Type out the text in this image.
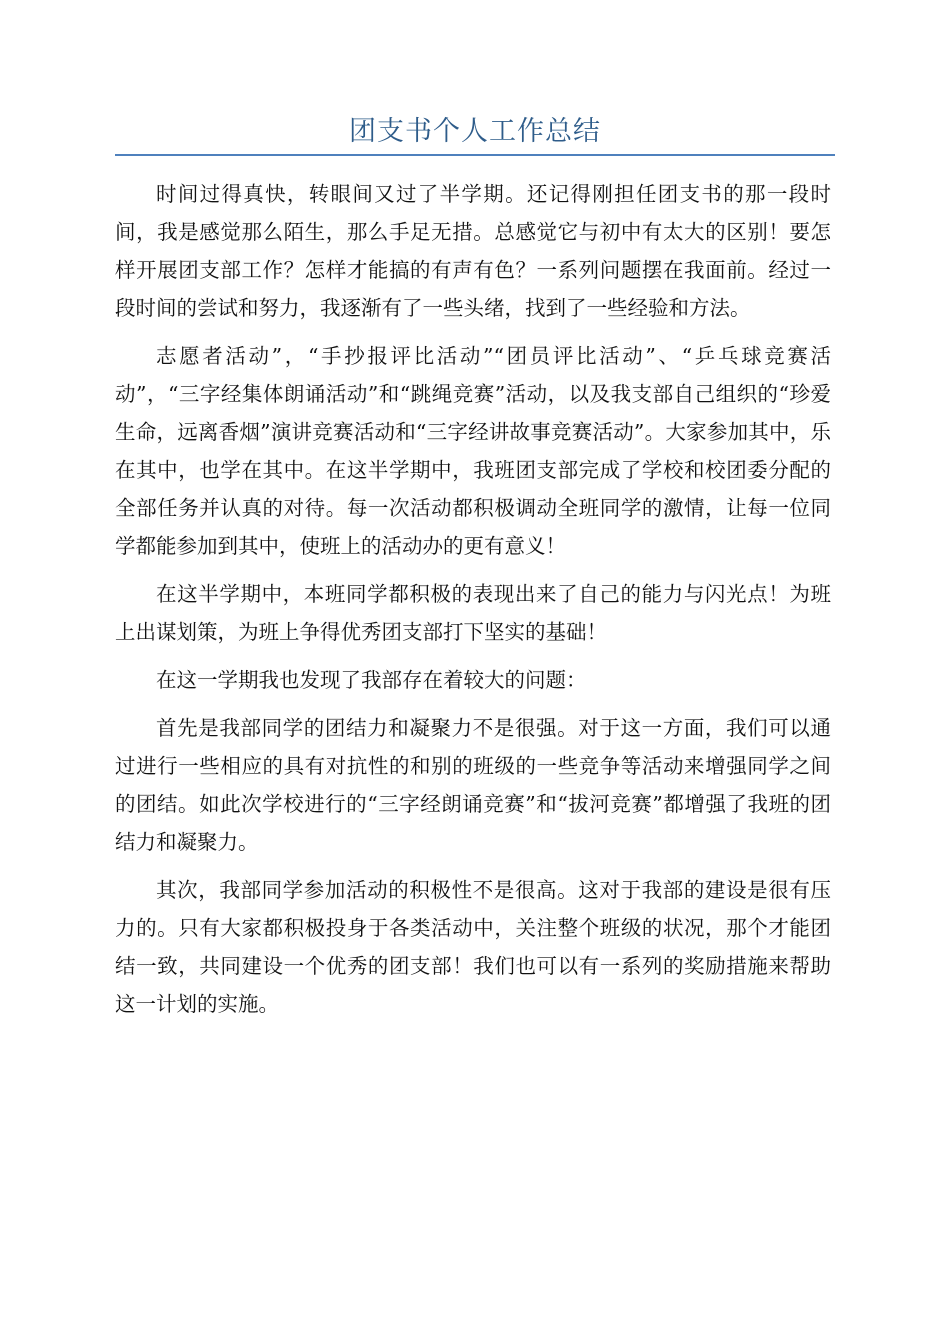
团支书个人工作总结

时间过得真快，转眼间又过了半学期。还记得刚担任团支书的那一段时间，我是感觉那么陌生，那么手足无措。总感觉它与初中有太大的区别！要怎样开展团支部工作？怎样才能搞的有声有色？一系列问题摆在我面前。经过一段时间的尝试和努力，我逐渐有了一些头绪，找到了一些经验和方法。

志愿者活动”，“手抄报评比活动”“团员评比活动”、“乒乓球竞赛活动”，“三字经集体朗诵活动”和“跳绳竞赛”活动，以及我支部自己组织的“珍爱生命，远离香烟”演讲竞赛活动和“三字经讲故事竞赛活动”。大家参加其中，乐在其中，也学在其中。在这半学期中，我班团支部完成了学校和校团委分配的全部任务并认真的对待。每一次活动都积极调动全班同学的激情，让每一位同学都能参加到其中，使班上的活动办的更有意义！

在这半学期中，本班同学都积极的表现出来了自己的能力与闪光点！为班上出谋划策，为班上争得优秀团支部打下坚实的基础！

在这一学期我也发现了我部存在着较大的问题：

首先是我部同学的团结力和凝聚力不是很强。对于这一方面，我们可以通过进行一些相应的具有对抗性的和别的班级的一些竞争等活动来增强同学之间的团结。如此次学校进行的“三字经朗诵竞赛”和“拔河竞赛”都增强了我班的团结力和凝聚力。

其次，我部同学参加活动的积极性不是很高。这对于我部的建设是很有压力的。只有大家都积极投身于各类活动中，关注整个班级的状况，那个才能团结一致，共同建设一个优秀的团支部！我们也可以有一系列的奖励措施来帮助这一计划的实施。
